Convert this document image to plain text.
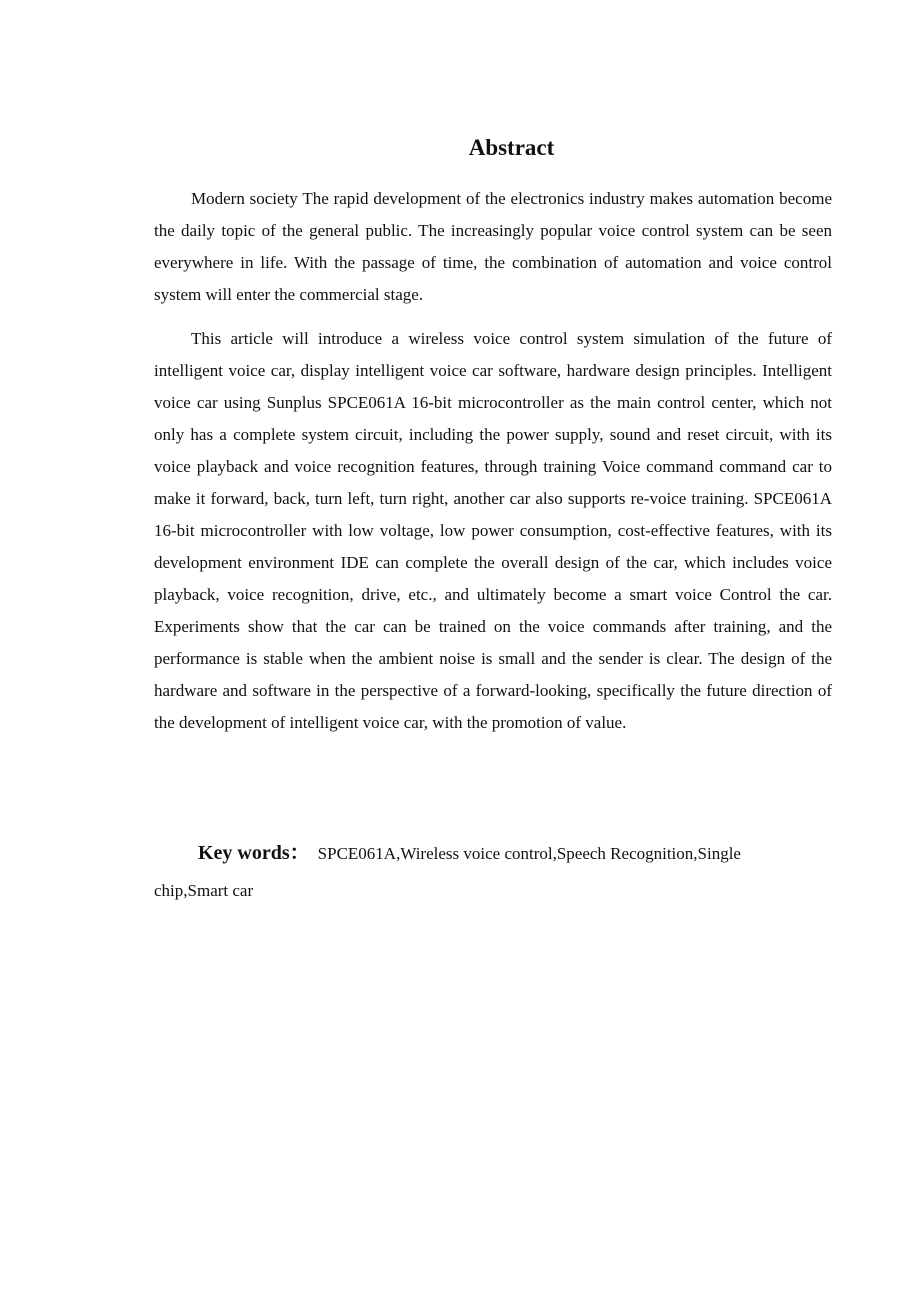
Abstract

Modern society The rapid development of the electronics industry makes automation become the daily topic of the general public. The increasingly popular voice control system can be seen everywhere in life. With the passage of time, the combination of automation and voice control system will enter the commercial stage.

This article will introduce a wireless voice control system simulation of the future of intelligent voice car, display intelligent voice car software, hardware design principles. Intelligent voice car using Sunplus SPCE061A 16-bit microcontroller as the main control center, which not only has a complete system circuit, including the power supply, sound and reset circuit, with its voice playback and voice recognition features, through training Voice command command car to make it forward, back, turn left, turn right, another car also supports re-voice training. SPCE061A 16-bit microcontroller with low voltage, low power consumption, cost-effective features, with its development environment IDE can complete the overall design of the car, which includes voice playback, voice recognition, drive, etc., and ultimately become a smart voice Control the car. Experiments show that the car can be trained on the voice commands after training, and the performance is stable when the ambient noise is small and the sender is clear. The design of the hardware and software in the perspective of a forward-looking, specifically the future direction of the development of intelligent voice car, with the promotion of value.

Key words： SPCE061A,Wireless voice control,Speech Recognition,Single chip,Smart car
